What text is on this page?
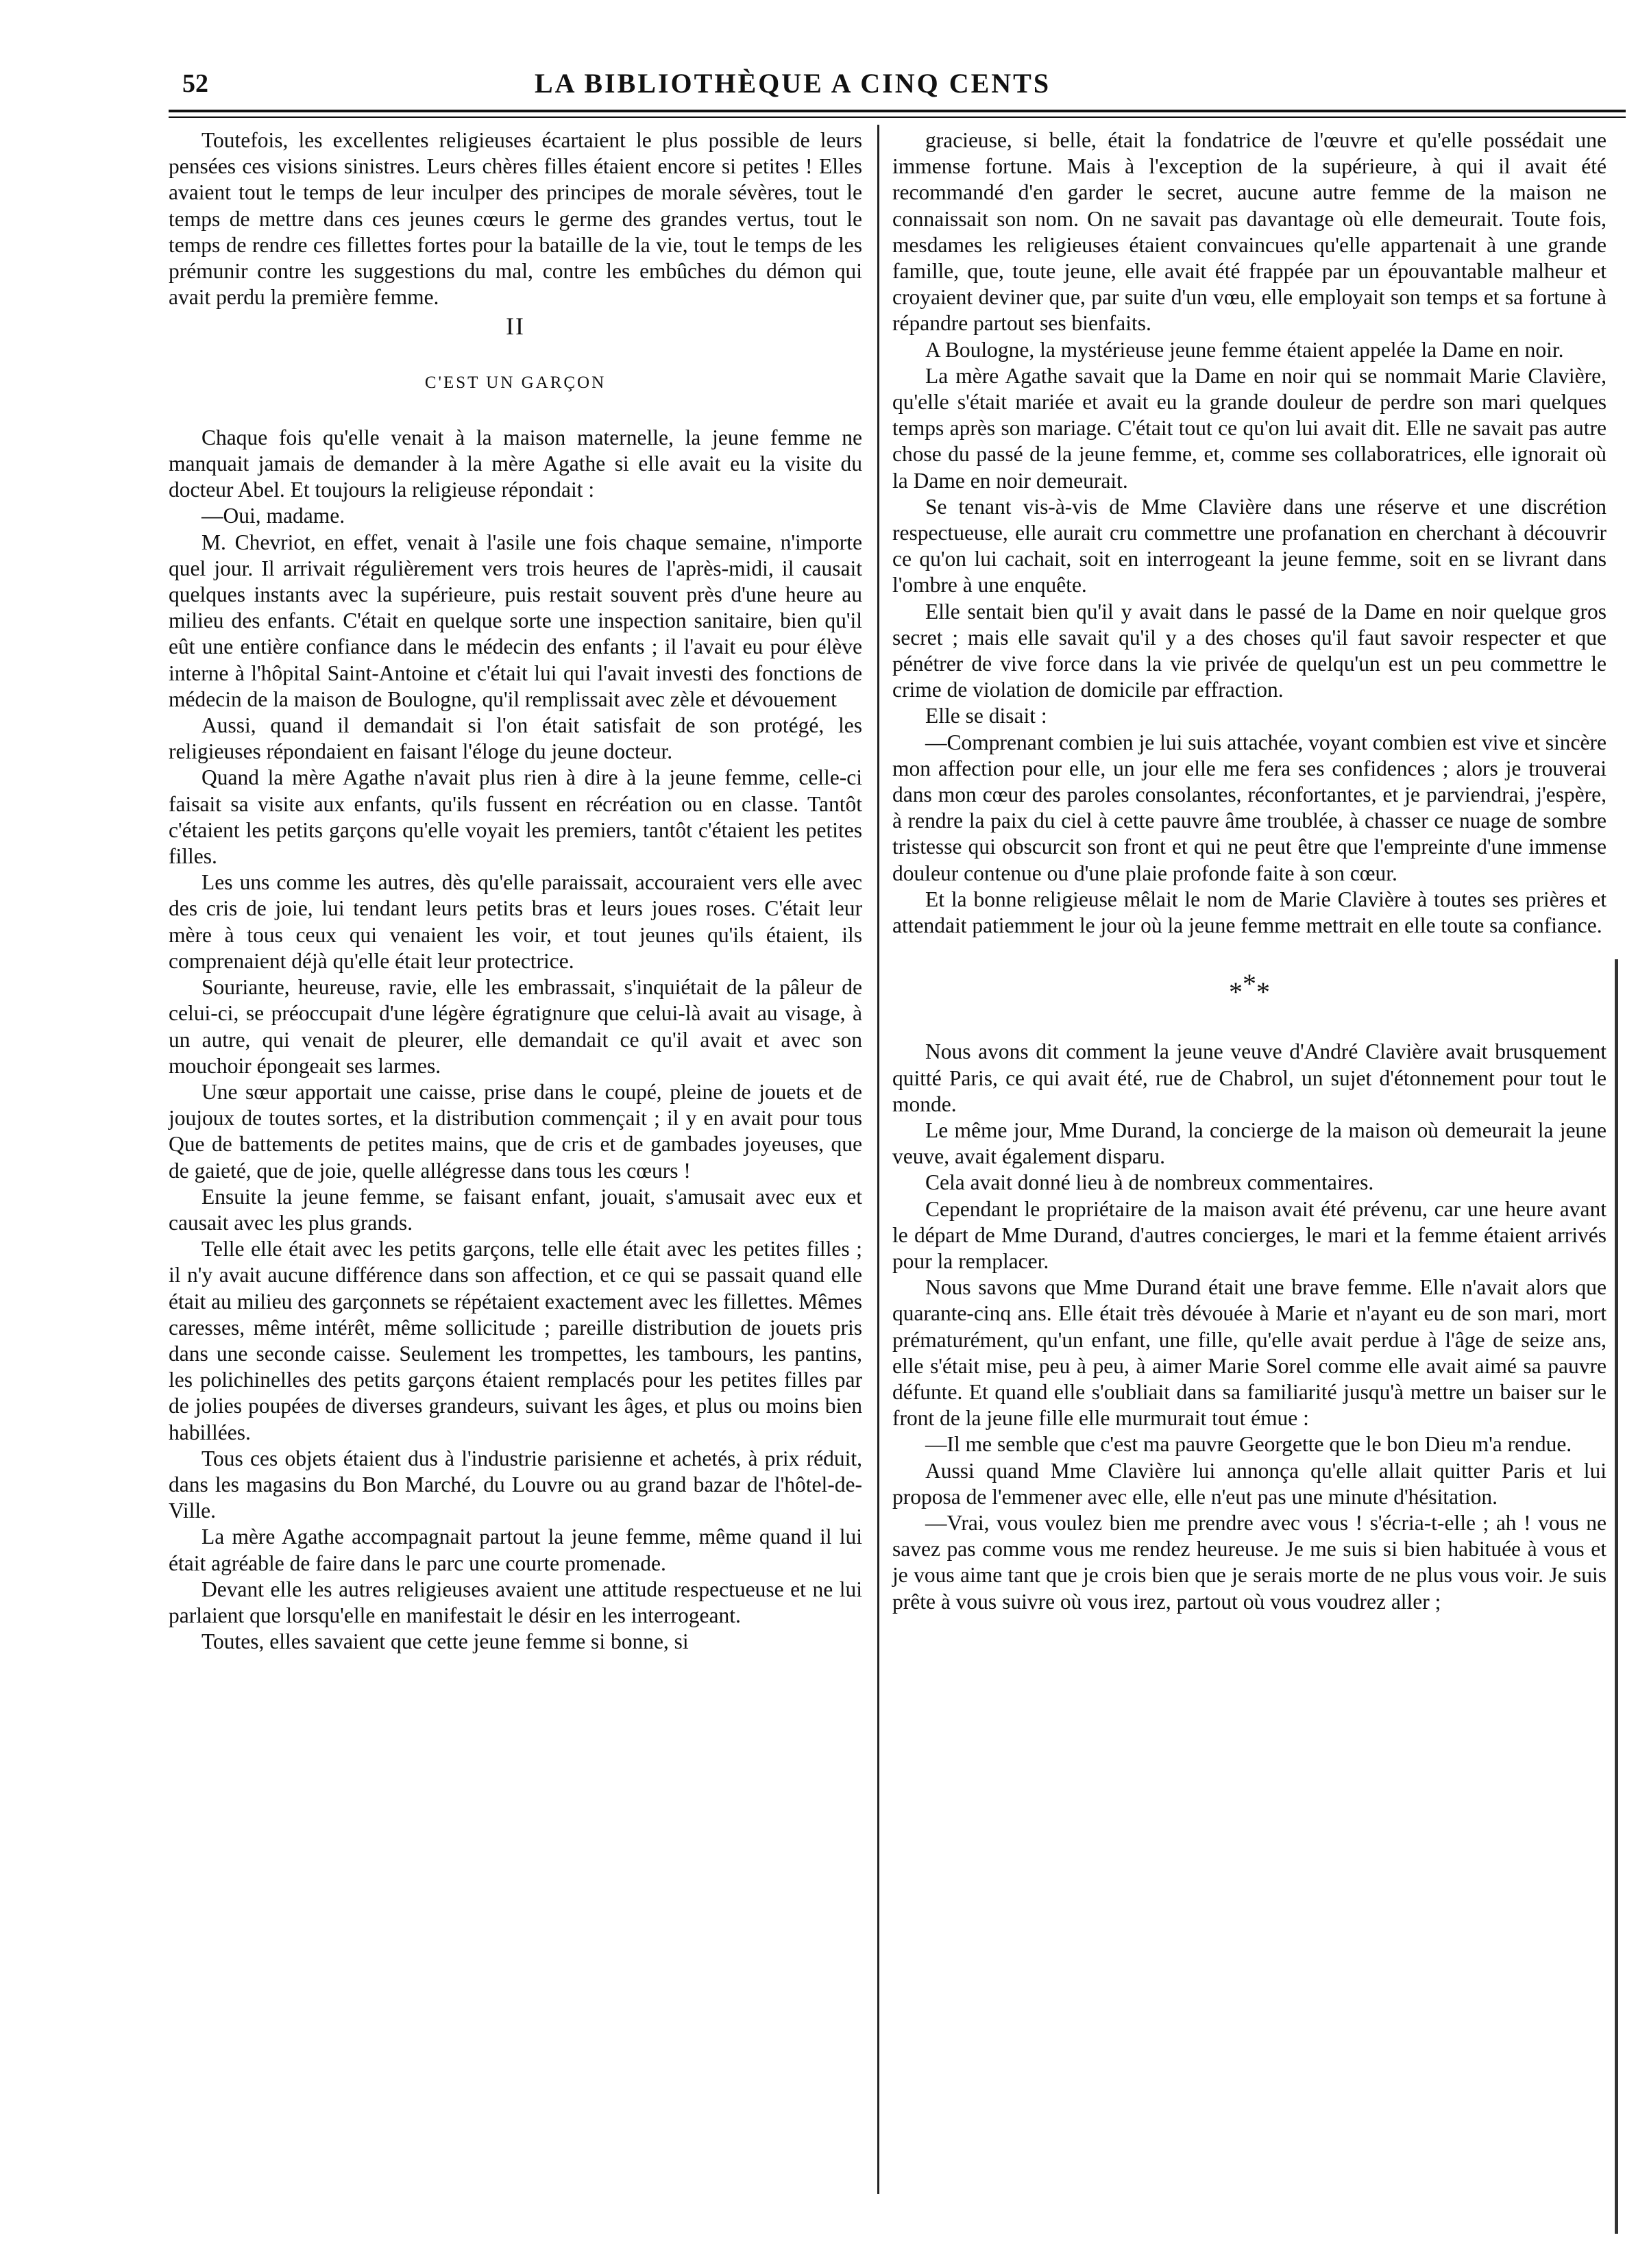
52	LA BIBLIOTHÈQUE A CINQ CENTS

Toutefois, les excellentes religieuses écartaient le plus possible de leurs pensées ces visions sinistres. Leurs chères filles étaient encore si petites ! Elles avaient tout le temps de leur inculper des principes de morale sévères, tout le temps de mettre dans ces jeunes cœurs le germe des grandes vertus, tout le temps de rendre ces fillettes fortes pour la bataille de la vie, tout le temps de les prémunir contre les suggestions du mal, contre les embûches du démon qui avait perdu la première femme.

II
C'EST UN GARÇON

Chaque fois qu'elle venait à la maison maternelle, la jeune femme ne manquait jamais de demander à la mère Agathe si elle avait eu la visite du docteur Abel. Et toujours la religieuse répondait :

—Oui, madame.

M. Chevriot, en effet, venait à l'asile une fois chaque semaine, n'importe quel jour. Il arrivait régulièrement vers trois heures de l'après-midi, il causait quelques instants avec la supérieure, puis restait souvent près d'une heure au milieu des enfants. C'était en quelque sorte une inspection sanitaire, bien qu'il eût une entière confiance dans le médecin des enfants ; il l'avait eu pour élève interne à l'hôpital Saint-Antoine et c'était lui qui l'avait investi des fonctions de médecin de la maison de Boulogne, qu'il remplissait avec zèle et dévouement

Aussi, quand il demandait si l'on était satisfait de son protégé, les religieuses répondaient en faisant l'éloge du jeune docteur.

Quand la mère Agathe n'avait plus rien à dire à la jeune femme, celle-ci faisait sa visite aux enfants, qu'ils fussent en récréation ou en classe. Tantôt c'étaient les petits garçons qu'elle voyait les premiers, tantôt c'étaient les petites filles.

Les uns comme les autres, dès qu'elle paraissait, accouraient vers elle avec des cris de joie, lui tendant leurs petits bras et leurs joues roses. C'était leur mère à tous ceux qui venaient les voir, et tout jeunes qu'ils étaient, ils comprenaient déjà qu'elle était leur protectrice.

Souriante, heureuse, ravie, elle les embrassait, s'inquiétait de la pâleur de celui-ci, se préoccupait d'une légère égratignure que celui-là avait au visage, à un autre, qui venait de pleurer, elle demandait ce qu'il avait et avec son mouchoir épongeait ses larmes.

Une sœur apportait une caisse, prise dans le coupé, pleine de jouets et de joujoux de toutes sortes, et la distribution commençait ; il y en avait pour tous Que de battements de petites mains, que de cris et de gambades joyeuses, que de gaieté, que de joie, quelle allégresse dans tous les cœurs !

Ensuite la jeune femme, se faisant enfant, jouait, s'amusait avec eux et causait avec les plus grands.

Telle elle était avec les petits garçons, telle elle était avec les petites filles ; il n'y avait aucune différence dans son affection, et ce qui se passait quand elle était au milieu des garçonnets se répétaient exactement avec les fillettes. Mêmes caresses, même intérêt, même sollicitude ; pareille distribution de jouets pris dans une seconde caisse. Seulement les trompettes, les tambours, les pantins, les polichinelles des petits garçons étaient remplacés pour les petites filles par de jolies poupées de diverses grandeurs, suivant les âges, et plus ou moins bien habillées.

Tous ces objets étaient dus à l'industrie parisienne et achetés, à prix réduit, dans les magasins du Bon Marché, du Louvre ou au grand bazar de l'hôtel-de-Ville.

La mère Agathe accompagnait partout la jeune femme, même quand il lui était agréable de faire dans le parc une courte promenade.

Devant elle les autres religieuses avaient une attitude respectueuse et ne lui parlaient que lorsqu'elle en manifestait le désir en les interrogeant.

Toutes, elles savaient que cette jeune femme si bonne, si

gracieuse, si belle, était la fondatrice de l'œuvre et qu'elle possédait une immense fortune. Mais à l'exception de la supérieure, à qui il avait été recommandé d'en garder le secret, aucune autre femme de la maison ne connaissait son nom. On ne savait pas davantage où elle demeurait. Toute fois, mesdames les religieuses étaient convaincues qu'elle appartenait à une grande famille, que, toute jeune, elle avait été frappée par un épouvantable malheur et croyaient deviner que, par suite d'un vœu, elle employait son temps et sa fortune à répandre partout ses bienfaits.

A Boulogne, la mystérieuse jeune femme étaient appelée la Dame en noir.

La mère Agathe savait que la Dame en noir qui se nommait Marie Clavière, qu'elle s'était mariée et avait eu la grande douleur de perdre son mari quelques temps après son mariage. C'était tout ce qu'on lui avait dit. Elle ne savait pas autre chose du passé de la jeune femme, et, comme ses collaboratrices, elle ignorait où la Dame en noir demeurait.

Se tenant vis-à-vis de Mme Clavière dans une réserve et une discrétion respectueuse, elle aurait cru commettre une profanation en cherchant à découvrir ce qu'on lui cachait, soit en interrogeant la jeune femme, soit en se livrant dans l'ombre à une enquête.

Elle sentait bien qu'il y avait dans le passé de la Dame en noir quelque gros secret ; mais elle savait qu'il y a des choses qu'il faut savoir respecter et que pénétrer de vive force dans la vie privée de quelqu'un est un peu commettre le crime de violation de domicile par effraction.

Elle se disait :

—Comprenant combien je lui suis attachée, voyant combien est vive et sincère mon affection pour elle, un jour elle me fera ses confidences ; alors je trouverai dans mon cœur des paroles consolantes, réconfortantes, et je parviendrai, j'espère, à rendre la paix du ciel à cette pauvre âme troublée, à chasser ce nuage de sombre tristesse qui obscurcit son front et qui ne peut être que l'empreinte d'une immense douleur contenue ou d'une plaie profonde faite à son cœur.

Et la bonne religieuse mêlait le nom de Marie Clavière à toutes ses prières et attendait patiemment le jour où la jeune femme mettrait en elle toute sa confiance.

***

Nous avons dit comment la jeune veuve d'André Clavière avait brusquement quitté Paris, ce qui avait été, rue de Chabrol, un sujet d'étonnement pour tout le monde.

Le même jour, Mme Durand, la concierge de la maison où demeurait la jeune veuve, avait également disparu.

Cela avait donné lieu à de nombreux commentaires.

Cependant le propriétaire de la maison avait été prévenu, car une heure avant le départ de Mme Durand, d'autres concierges, le mari et la femme étaient arrivés pour la remplacer.

Nous savons que Mme Durand était une brave femme. Elle n'avait alors que quarante-cinq ans. Elle était très dévouée à Marie et n'ayant eu de son mari, mort prématurément, qu'un enfant, une fille, qu'elle avait perdue à l'âge de seize ans, elle s'était mise, peu à peu, à aimer Marie Sorel comme elle avait aimé sa pauvre défunte. Et quand elle s'oubliait dans sa familiarité jusqu'à mettre un baiser sur le front de la jeune fille elle murmurait tout émue :

—Il me semble que c'est ma pauvre Georgette que le bon Dieu m'a rendue.

Aussi quand Mme Clavière lui annonça qu'elle allait quitter Paris et lui proposa de l'emmener avec elle, elle n'eut pas une minute d'hésitation.

—Vrai, vous voulez bien me prendre avec vous ! s'écria-t-elle ; ah ! vous ne savez pas comme vous me rendez heureuse. Je me suis si bien habituée à vous et je vous aime tant que je crois bien que je serais morte de ne plus vous voir. Je suis prête à vous suivre où vous irez, partout où vous voudrez aller ;
